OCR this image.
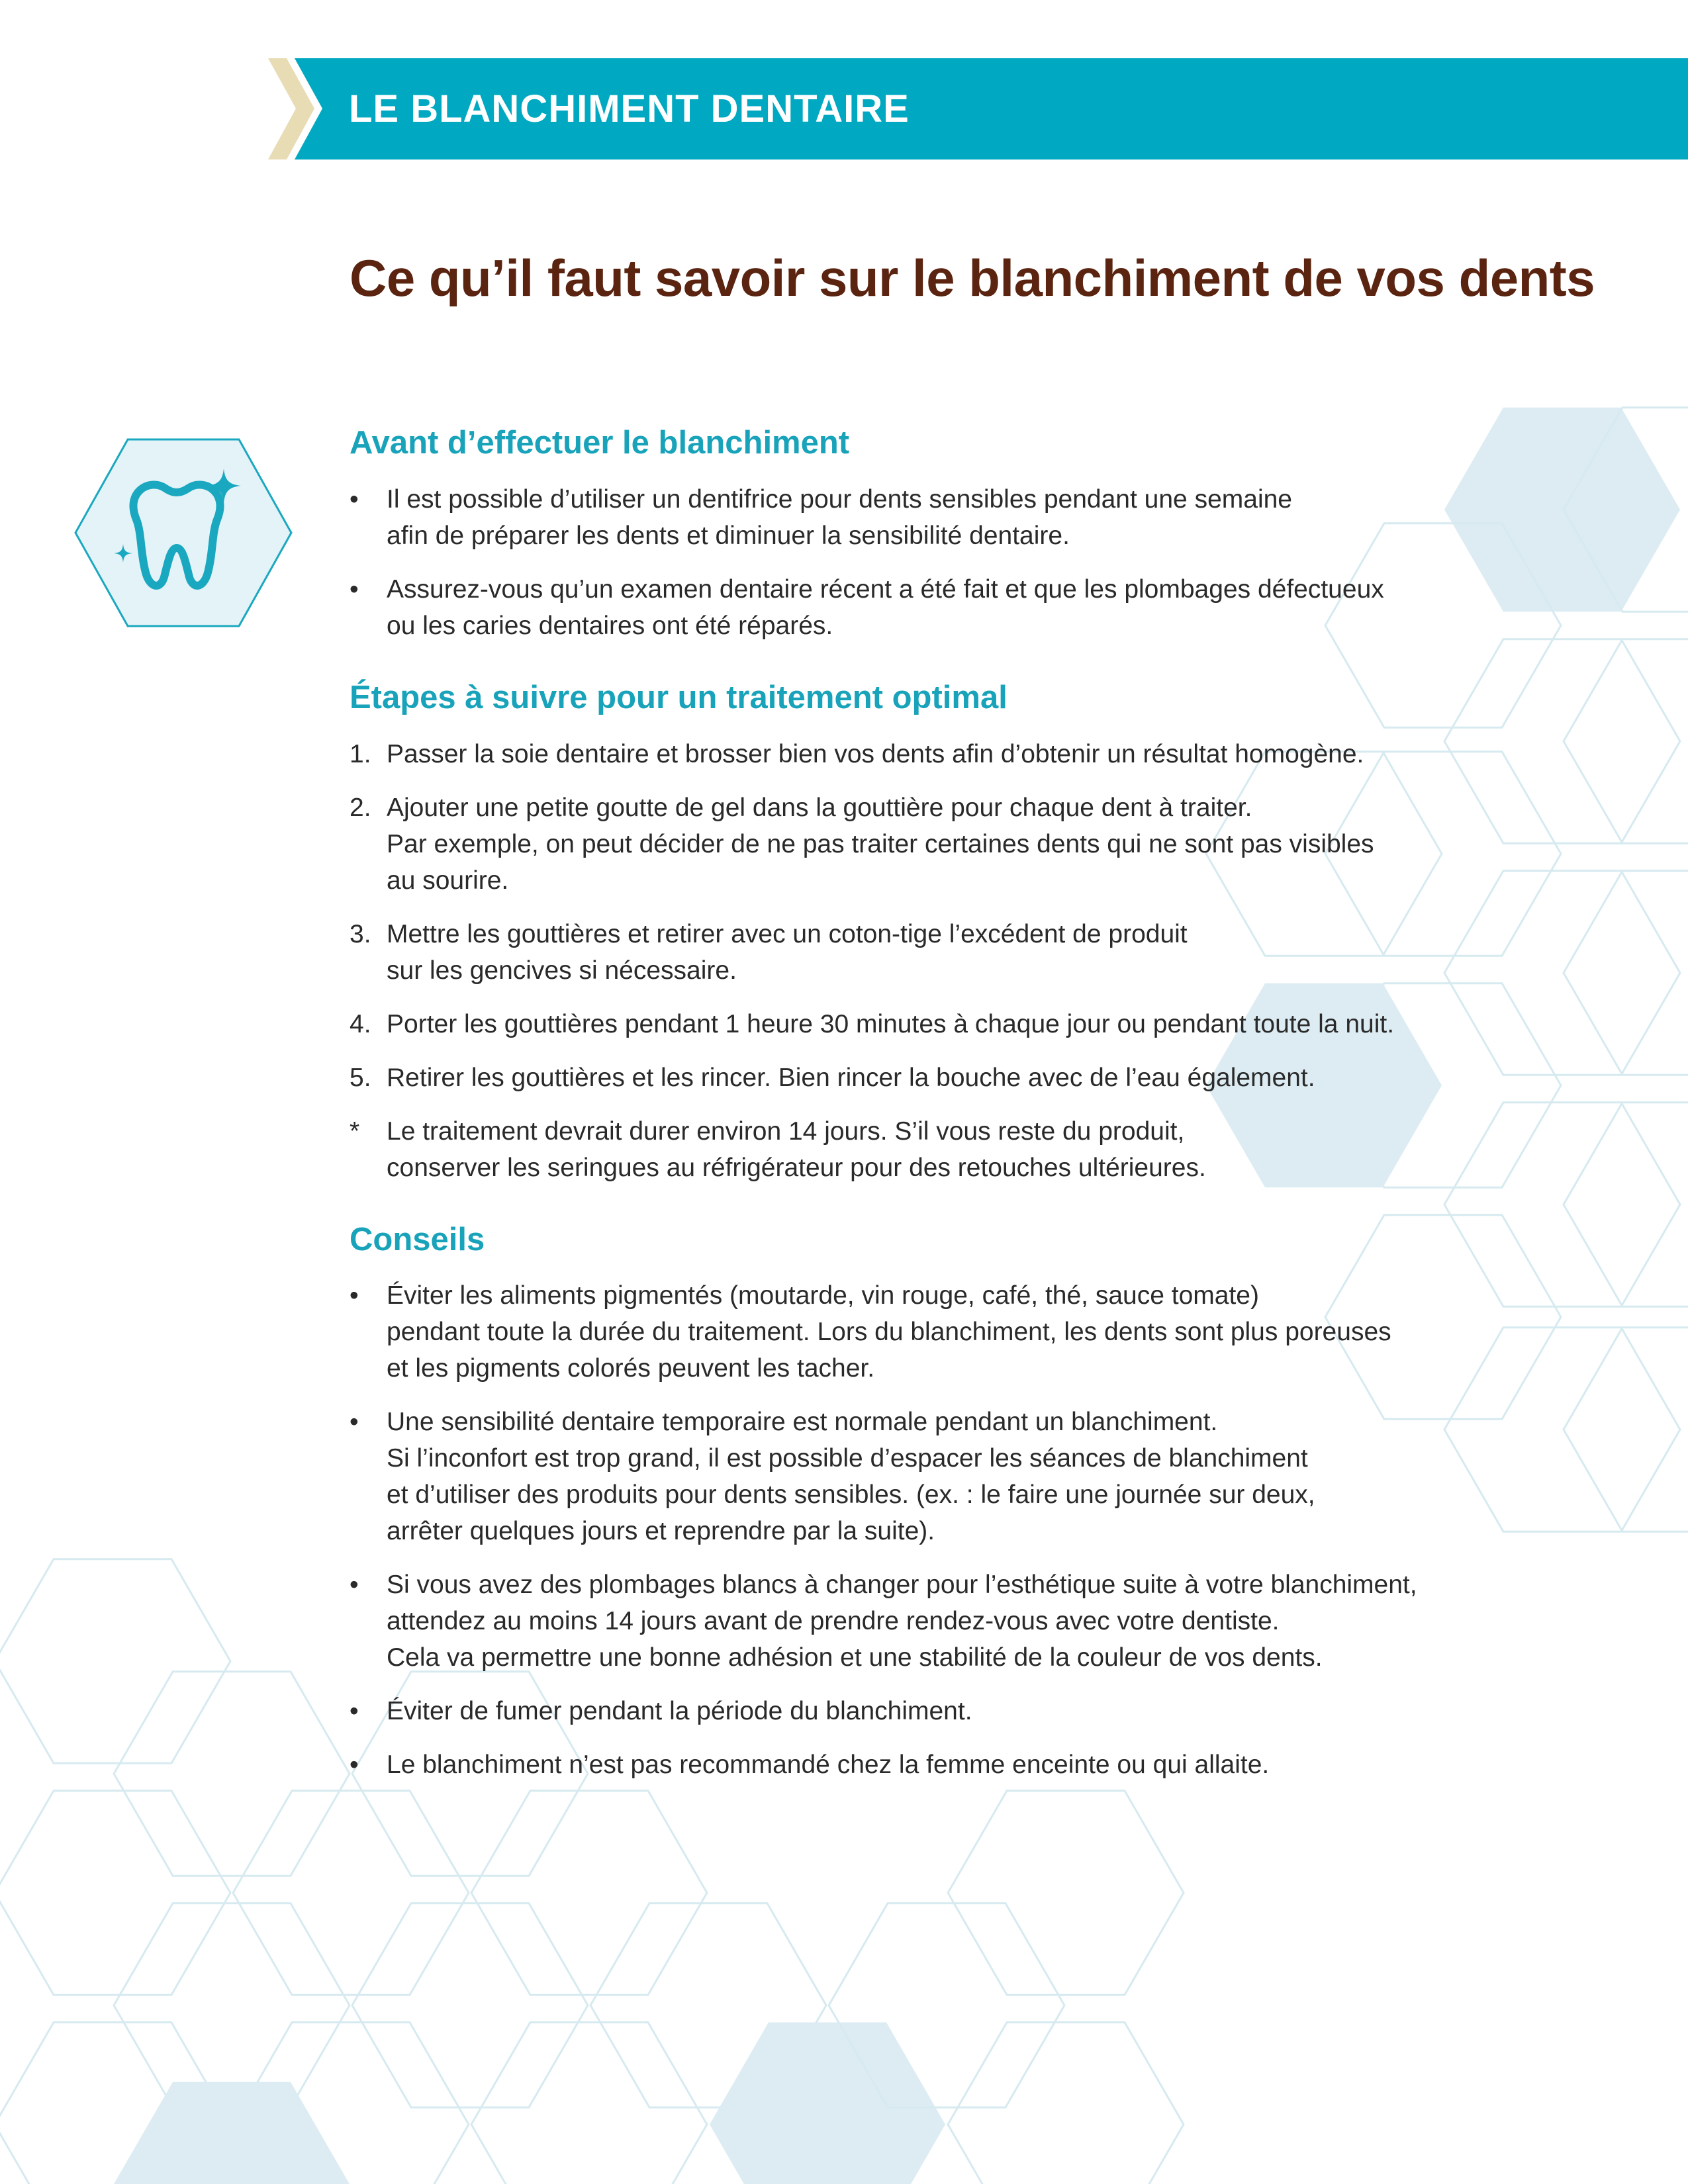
LE BLANCHIMENT DENTAIRE
Ce qu’il faut savoir sur le blanchiment de vos dents
Avant d’effectuer le blanchiment
• Il est possible d’utiliser un dentifrice pour dents sensibles pendant une semaine
afin de préparer les dents et diminuer la sensibilité dentaire.
• Assurez-vous qu’un examen dentaire récent a été fait et que les plombages défectueux
ou les caries dentaires ont été réparés.
Étapes à suivre pour un traitement optimal
1. Passer la soie dentaire et brosser bien vos dents afin d’obtenir un résultat homogène.
2. Ajouter une petite goutte de gel dans la gouttière pour chaque dent à traiter.
Par exemple, on peut décider de ne pas traiter certaines dents qui ne sont pas visibles
au sourire.
3. Mettre les gouttières et retirer avec un coton-tige l’excédent de produit
sur les gencives si nécessaire.
4. Porter les gouttières pendant 1 heure 30 minutes à chaque jour ou pendant toute la nuit.
5. Retirer les gouttières et les rincer. Bien rincer la bouche avec de l’eau également.
* Le traitement devrait durer environ 14 jours. S’il vous reste du produit,
conserver les seringues au réfrigérateur pour des retouches ultérieures.
Conseils
• Éviter les aliments pigmentés (moutarde, vin rouge, café, thé, sauce tomate)
pendant toute la durée du traitement. Lors du blanchiment, les dents sont plus poreuses
et les pigments colorés peuvent les tacher.
• Une sensibilité dentaire temporaire est normale pendant un blanchiment.
Si l’inconfort est trop grand, il est possible d’espacer les séances de blanchiment
et d’utiliser des produits pour dents sensibles. (ex. : le faire une journée sur deux,
arrêter quelques jours et reprendre par la suite).
• Si vous avez des plombages blancs à changer pour l’esthétique suite à votre blanchiment,
attendez au moins 14 jours avant de prendre rendez-vous avec votre dentiste.
Cela va permettre une bonne adhésion et une stabilité de la couleur de vos dents.
• Éviter de fumer pendant la période du blanchiment.
• Le blanchiment n’est pas recommandé chez la femme enceinte ou qui allaite.
